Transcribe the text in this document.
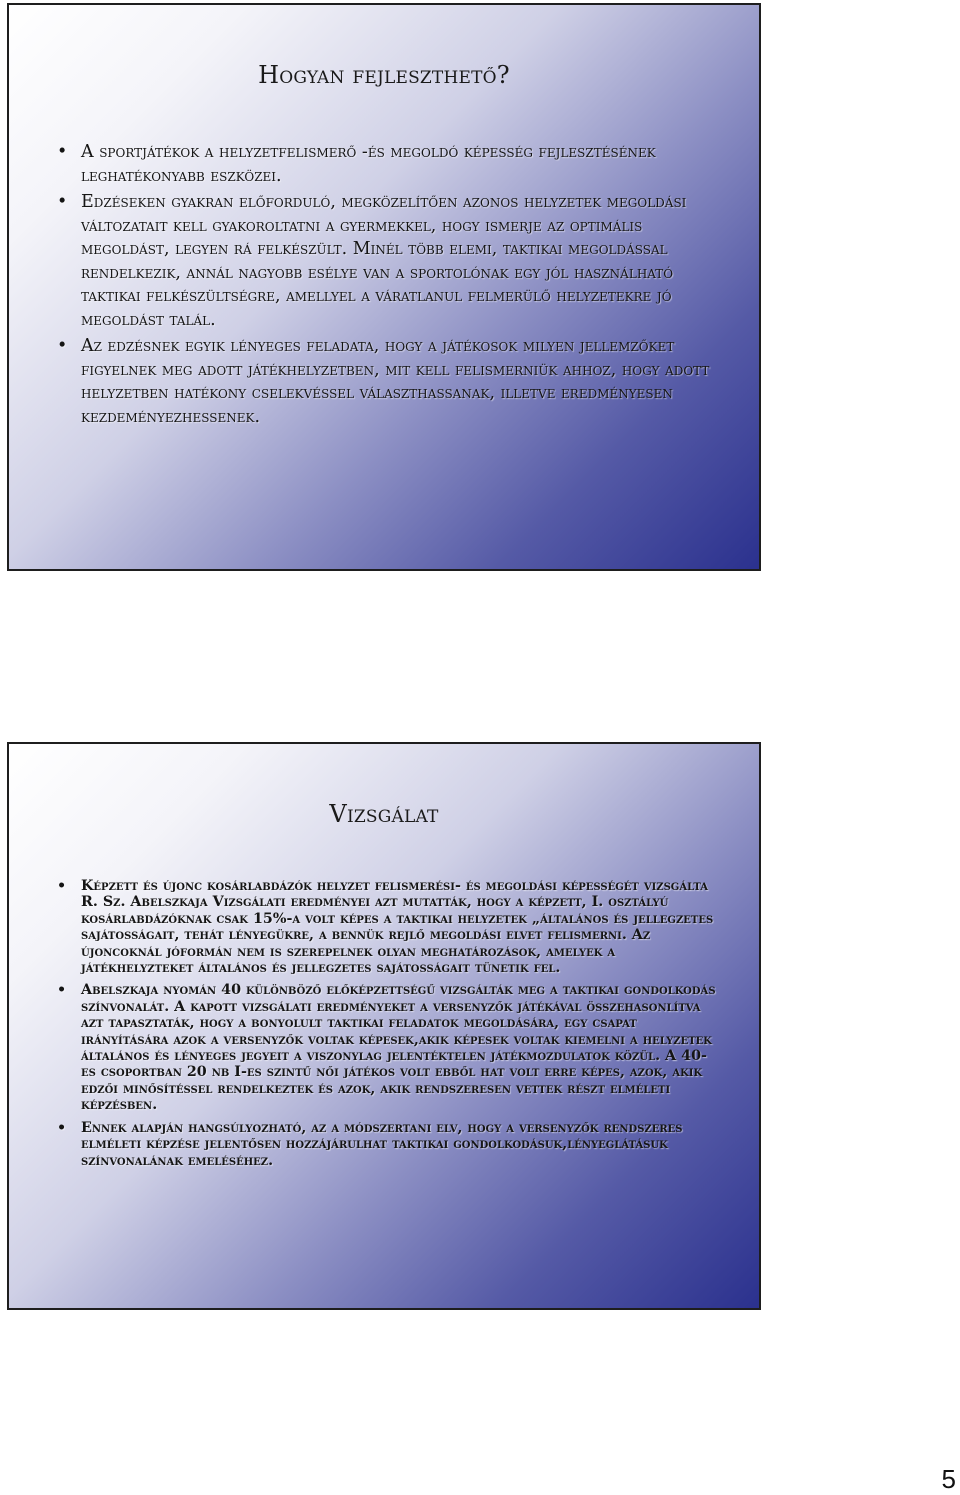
Hogyan fejleszthető?
• A sportjátékok a helyzetfelismerő -és megoldó képesség fejlesztésének leghatékonyabb eszközei.
• Edzéseken gyakran előforduló, megközelítően azonos helyzetek megoldási változatait kell gyakoroltatni a gyermekkel, hogy ismerje az optimális megoldást, legyen rá felkészült. Minél több elemi, taktikai megoldással rendelkezik, annál nagyobb esélye van a sportolónak egy jól használható taktikai felkészültségre, amellyel a váratlanul felmerülő helyzetekre jó megoldást talál.
• Az edzésnek egyik lényeges feladata, hogy a játékosok milyen jellemzőket figyelnek meg adott játékhelyzetben, mit kell felismerniük ahhoz, hogy adott helyzetben hatékony cselekvéssel választhassanak, illetve eredményesen kezdeményezhessenek.
Vizsgálat
• Képzett és újonc kosárlabdázók helyzet felismerési- és megoldási képességét vizsgálta R. Sz. Abelszkaja Vizsgálati eredményei azt mutatták, hogy a képzett, I. osztályú kosárlabdázóknak csak 15%-a volt képes a taktikai helyzetek „általános és jellegzetes sajátosságait, tehát lényegükre, a bennük rejlő megoldási elvet felismerni. Az újoncoknál jóformán nem is szerepelnek olyan meghatározások, amelyek a játékhelyzteket általános és jellegzetes sajátosságait tünetik fel.
• Abelszkaja nyomán 40 különböző előképzettségű vizsgálták meg a taktikai gondolkodás színvonalát. A kapott vizsgálati eredményeket a versenyzők játékával összehasonlítva azt tapasztaták, hogy a bonyolult taktikai feladatok megoldására, egy csapat irányítására azok a versenyzők voltak képesek,akik képesek voltak kiemelni a helyzetek általános és lényeges jegyeit a viszonylag jelentéktelen játékmozdulatok közül. A 40-es csoportban 20 nb I-es szintű női játékos volt ebből hat volt erre képes, azok, akik edzői minősítéssel rendelkeztek és azok, akik rendszeresen vettek részt elméleti képzésben.
• Ennek alapján hangsúlyozható, az a módszertani elv, hogy a versenyzők rendszeres elméleti képzése jelentősen hozzájárulhat taktikai gondolkodásuk,lényeglátásuk színvonalának emeléséhez.
5
